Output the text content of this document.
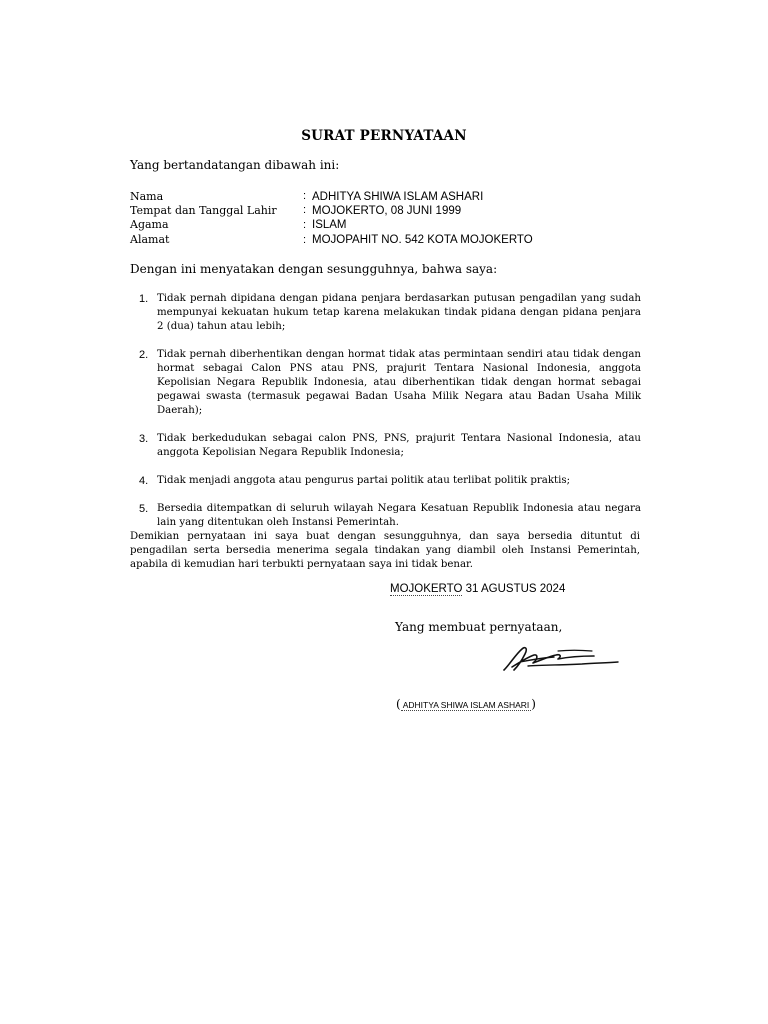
SURAT PERNYATAAN
Yang bertandatangan dibawah ini:
Nama	: ADHITYA SHIWA ISLAM ASHARI
Tempat dan Tanggal Lahir : MOJOKERTO, 08 JUNI 1999
Agama	: ISLAM
Alamat	: MOJOPAHIT NO. 542 KOTA MOJOKERTO
Dengan ini menyatakan dengan sesungguhnya, bahwa saya:
1. Tidak pernah dipidana dengan pidana penjara berdasarkan putusan pengadilan yang sudah mempunyai kekuatan hukum tetap karena melakukan tindak pidana dengan pidana penjara 2 (dua) tahun atau lebih;
2. Tidak pernah diberhentikan dengan hormat tidak atas permintaan sendiri atau tidak dengan hormat sebagai Calon PNS atau PNS, prajurit Tentara Nasional Indonesia, anggota Kepolisian Negara Republik Indonesia, atau diberhentikan tidak dengan hormat sebagai pegawai swasta (termasuk pegawai Badan Usaha Milik Negara atau Badan Usaha Milik Daerah);
3. Tidak berkedudukan sebagai calon PNS, PNS, prajurit Tentara Nasional Indonesia, atau anggota Kepolisian Negara Republik Indonesia;
4. Tidak menjadi anggota atau pengurus partai politik atau terlibat politik praktis;
5. Bersedia ditempatkan di seluruh wilayah Negara Kesatuan Republik Indonesia atau negara lain yang ditentukan oleh Instansi Pemerintah.
Demikian pernyataan ini saya buat dengan sesungguhnya, dan saya bersedia dituntut di pengadilan serta bersedia menerima segala tindakan yang diambil oleh Instansi Pemerintah, apabila di kemudian hari terbukti pernyataan saya ini tidak benar.
MOJOKERTO 31 AGUSTUS 2024
Yang membuat pernyataan,
( ADHITYA SHIWA ISLAM ASHARI )
